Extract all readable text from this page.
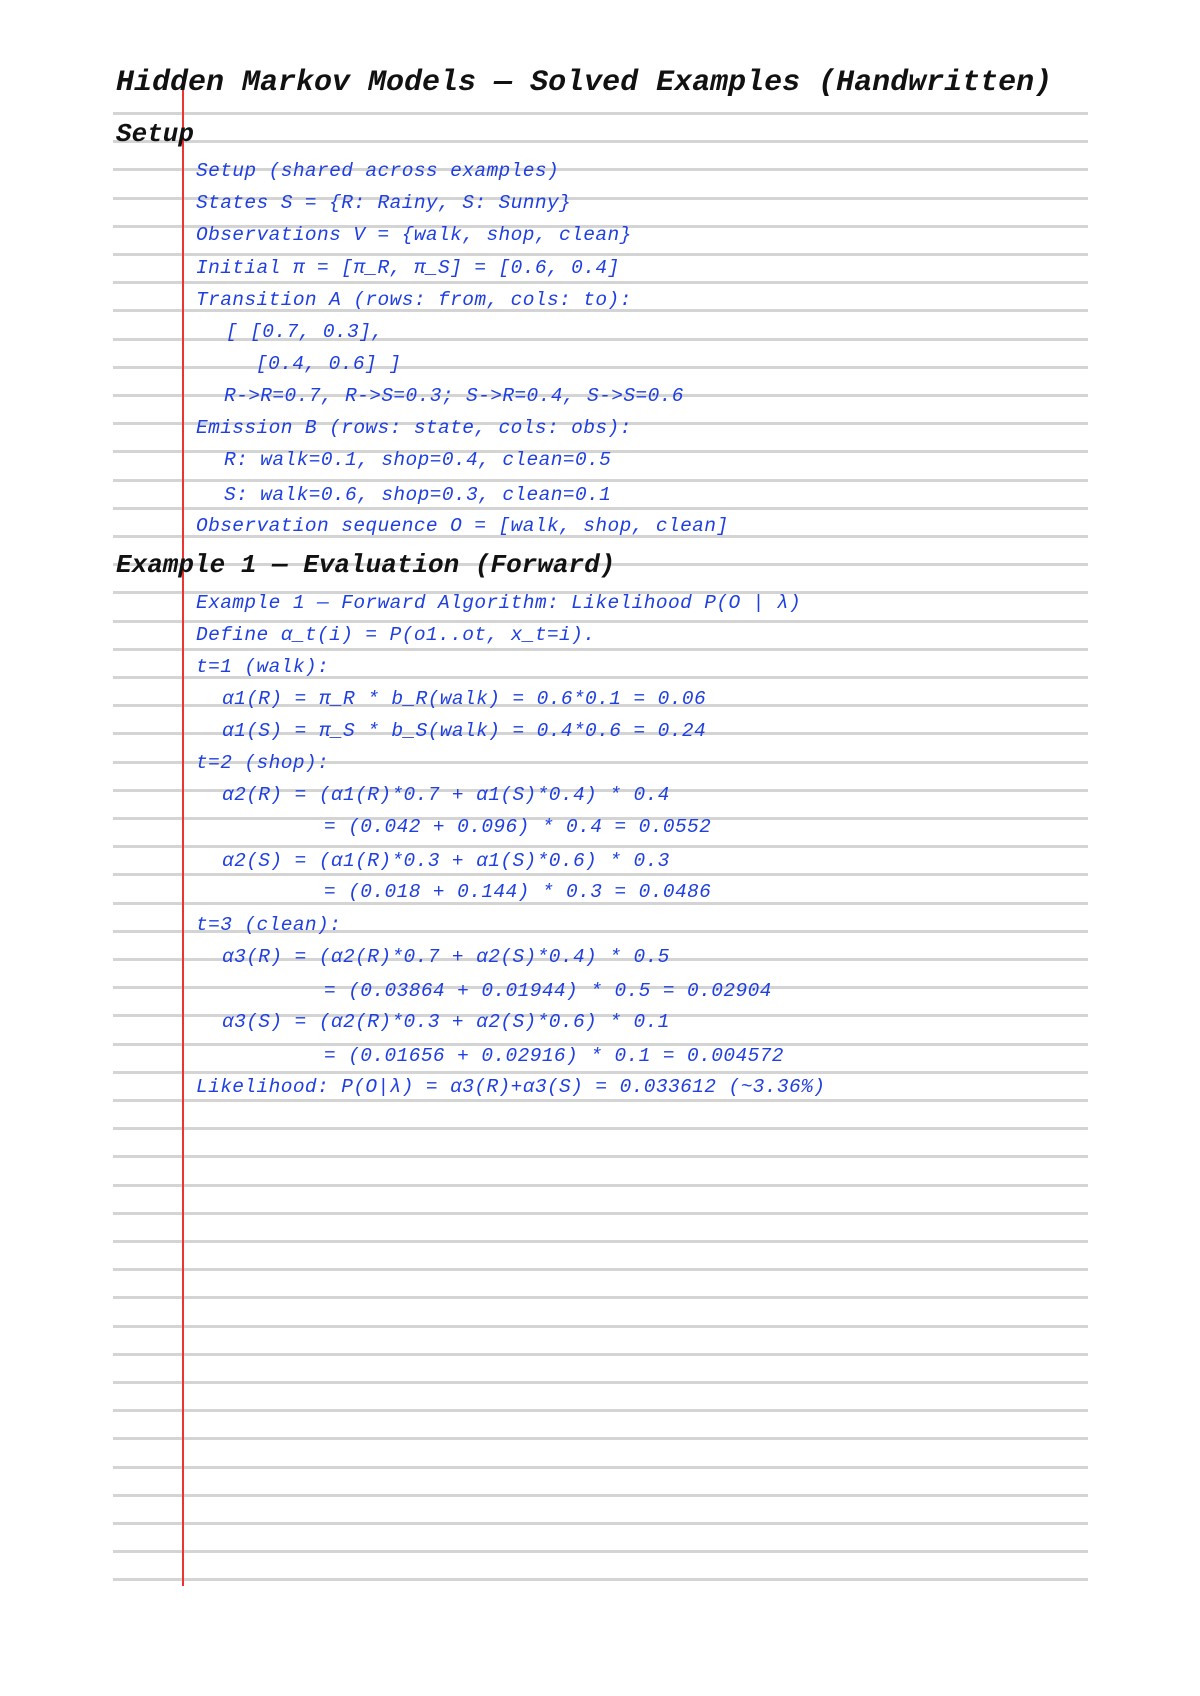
Hidden Markov Models — Solved Examples (Handwritten)
Setup

Setup (shared across examples)

States S = {R: Rainy, S: Sunny}

Observations V = {walk, shop, clean}

Initial π = [π_R, π_S] = [0.6, 0.4]

Transition A (rows: from, cols: to):

[ [0.7, 0.3],

[0.4, 0.6] ]

R->R=0.7, R->S=0.3; S->R=0.4, S->S=0.6

Emission B (rows: state, cols: obs):

R: walk=0.1, shop=0.4, clean=0.5

S: walk=0.6, shop=0.3, clean=0.1

Observation sequence O = [walk, shop, clean]

Example 1 — Evaluation (Forward)

Example 1 — Forward Algorithm: Likelihood P(O | λ)

Define α_t(i) = P(o1..ot, x_t=i).

t=1 (walk):

α1(R) = π_R * b_R(walk) = 0.6*0.1 = 0.06

α1(S) = π_S * b_S(walk) = 0.4*0.6 = 0.24

t=2 (shop):

α2(R) = (α1(R)*0.7 + α1(S)*0.4) * 0.4

= (0.042 + 0.096) * 0.4 = 0.0552

α2(S) = (α1(R)*0.3 + α1(S)*0.6) * 0.3

= (0.018 + 0.144) * 0.3 = 0.0486

t=3 (clean):

α3(R) = (α2(R)*0.7 + α2(S)*0.4) * 0.5

= (0.03864 + 0.01944) * 0.5 = 0.02904

α3(S) = (α2(R)*0.3 + α2(S)*0.6) * 0.1

= (0.01656 + 0.02916) * 0.1 = 0.004572

Likelihood: P(O|λ) = α3(R)+α3(S) = 0.033612 (~3.36%)
